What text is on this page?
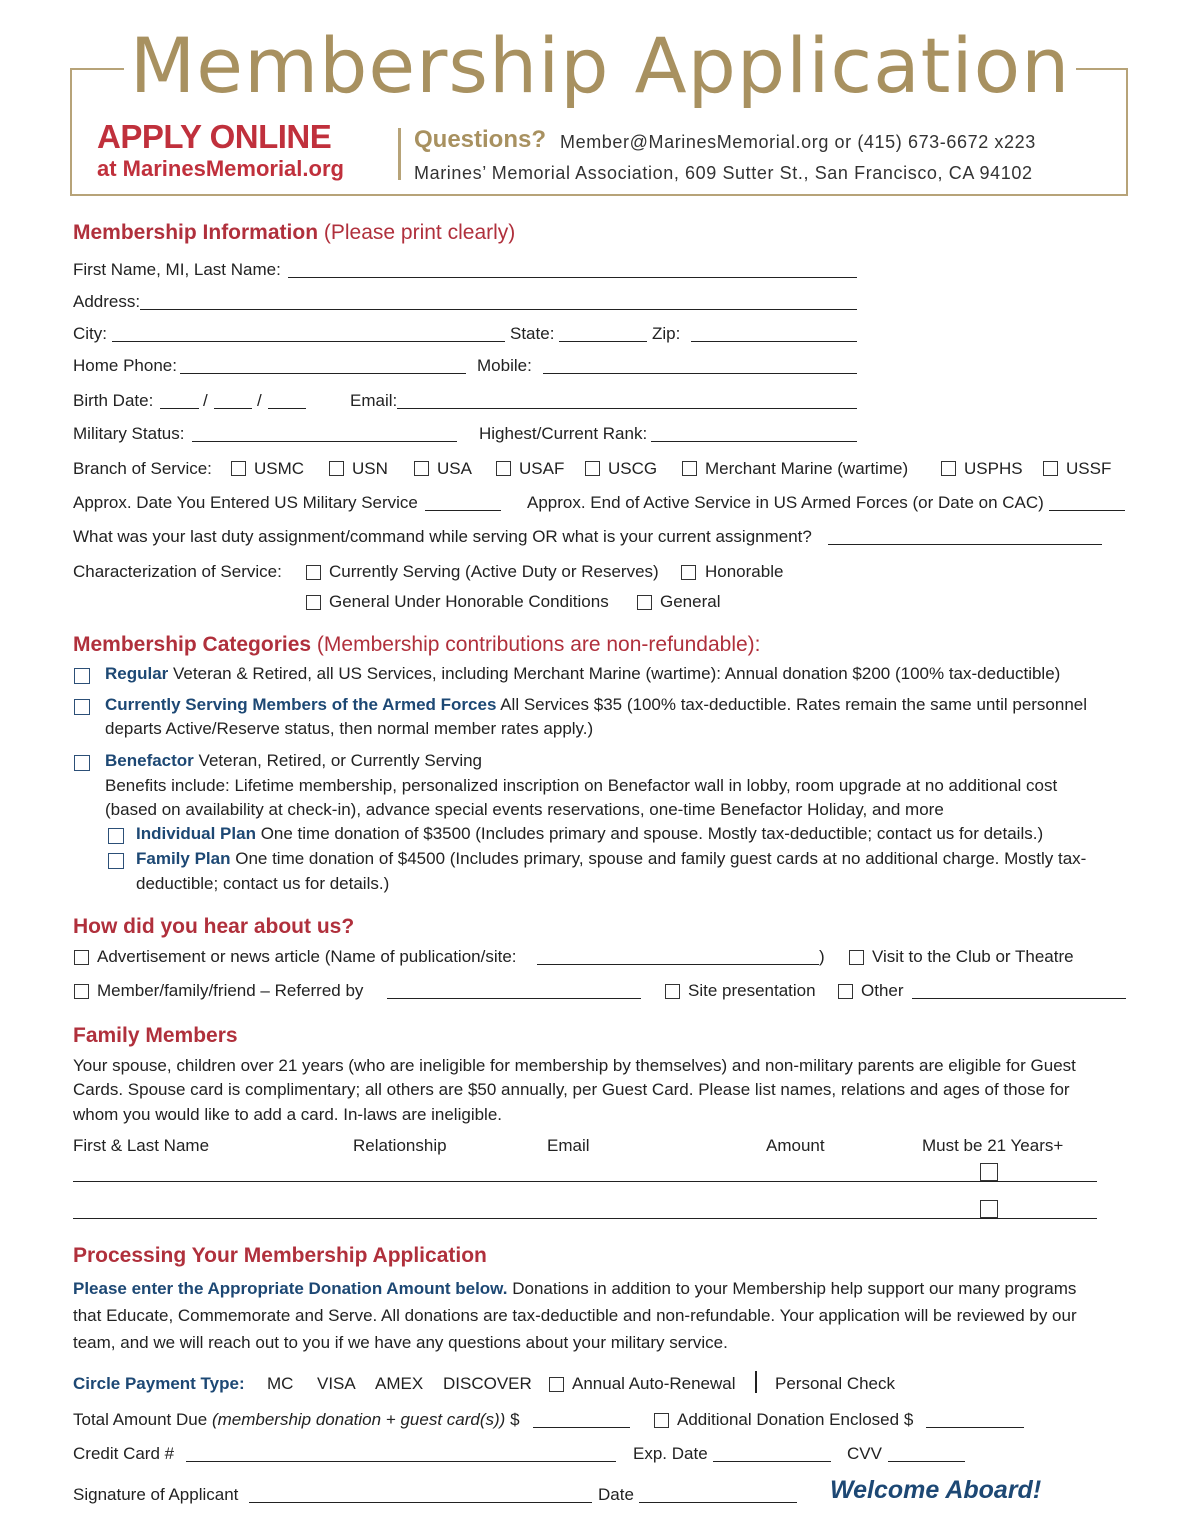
Membership Application
APPLY ONLINE
at MarinesMemorial.org
Questions? Member@MarinesMemorial.org or (415) 673-6672 x223
Marines’ Memorial Association, 609 Sutter St., San Francisco, CA 94102
Membership Information (Please print clearly)
First Name, MI, Last Name:
Address:
City:	State:	Zip:
Home Phone:	Mobile:
Birth Date:	/	/	Email:
Military Status:	Highest/Current Rank:
Branch of Service: USMC	USN	USA	USAF	USCG	Merchant Marine (wartime)	USPHS	USSF
Approx. Date You Entered US Military Service	Approx. End of Active Service in US Armed Forces (or Date on CAC)
What was your last duty assignment/command while serving OR what is your current assignment?
Characterization of Service:	Currently Serving (Active Duty or Reserves)	Honorable
General Under Honorable Conditions	General
Membership Categories (Membership contributions are non-refundable):
Regular Veteran & Retired, all US Services, including Merchant Marine (wartime): Annual donation $200 (100% tax-deductible)
Currently Serving Members of the Armed Forces All Services $35 (100% tax-deductible. Rates remain the same until personnel
departs Active/Reserve status, then normal member rates apply.)
Benefactor Veteran, Retired, or Currently Serving
Benefits include: Lifetime membership, personalized inscription on Benefactor wall in lobby, room upgrade at no additional cost
(based on availability at check-in), advance special events reservations, one-time Benefactor Holiday, and more
Individual Plan One time donation of $3500 (Includes primary and spouse. Mostly tax-deductible; contact us for details.)
Family Plan One time donation of $4500 (Includes primary, spouse and family guest cards at no additional charge. Mostly tax-
deductible; contact us for details.)
How did you hear about us?
Advertisement or news article (Name of publication/site:	)	Visit to the Club or Theatre
Member/family/friend – Referred by	Site presentation	Other
Family Members
Your spouse, children over 21 years (who are ineligible for membership by themselves) and non-military parents are eligible for Guest
Cards. Spouse card is complimentary; all others are $50 annually, per Guest Card. Please list names, relations and ages of those for
whom you would like to add a card. In-laws are ineligible.
First & Last Name	Relationship	Email	Amount	Must be 21 Years+
Processing Your Membership Application
Please enter the Appropriate Donation Amount below. Donations in addition to your Membership help support our many programs
that Educate, Commemorate and Serve. All donations are tax-deductible and non-refundable. Your application will be reviewed by our
team, and we will reach out to you if we have any questions about your military service.
Circle Payment Type: MC VISA AMEX DISCOVER Annual Auto-Renewal Personal Check
Total Amount Due (membership donation + guest card(s)) $	Additional Donation Enclosed $
Credit Card #	Exp. Date	CVV
Signature of Applicant	Date	Welcome Aboard!
